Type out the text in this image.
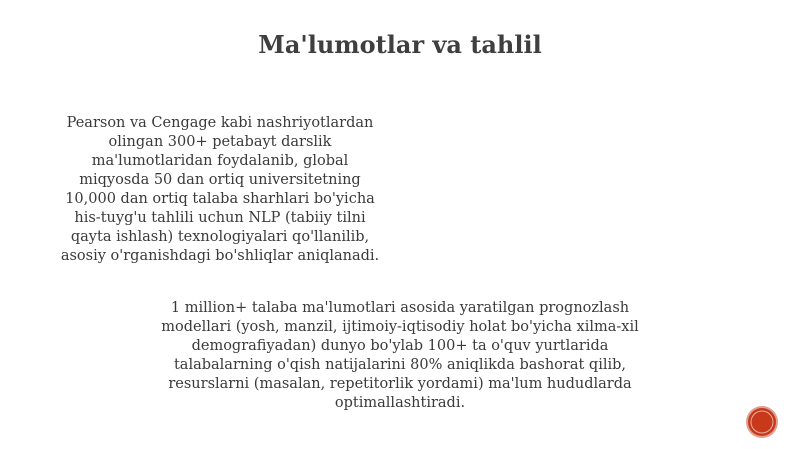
Ma'lumotlar va tahlil
Pearson va Cengage kabi nashriyotlardan olingan 300+ petabayt darslik ma'lumotlaridan foydalanib, global miqyosda 50 dan ortiq universitetning 10,000 dan ortiq talaba sharhlari bo'yicha his-tuyg'u tahlili uchun NLP (tabiiy tilni qayta ishlash) texnologiyalari qo'llanilib, asosiy o'rganishdagi bo'shliqlar aniqlanadi.
1 million+ talaba ma'lumotlari asosida yaratilgan prognozlash modellari (yosh, manzil, ijtimoiy-iqtisodiy holat bo'yicha xilma-xil demografiyadan) dunyo bo'ylab 100+ ta o'quv yurtlarida talabalarning o'qish natijalarini 80% aniqlikda bashorat qilib, resurslarni (masalan, repetitorlik yordami) ma'lum hududlarda optimallashtiradi.
